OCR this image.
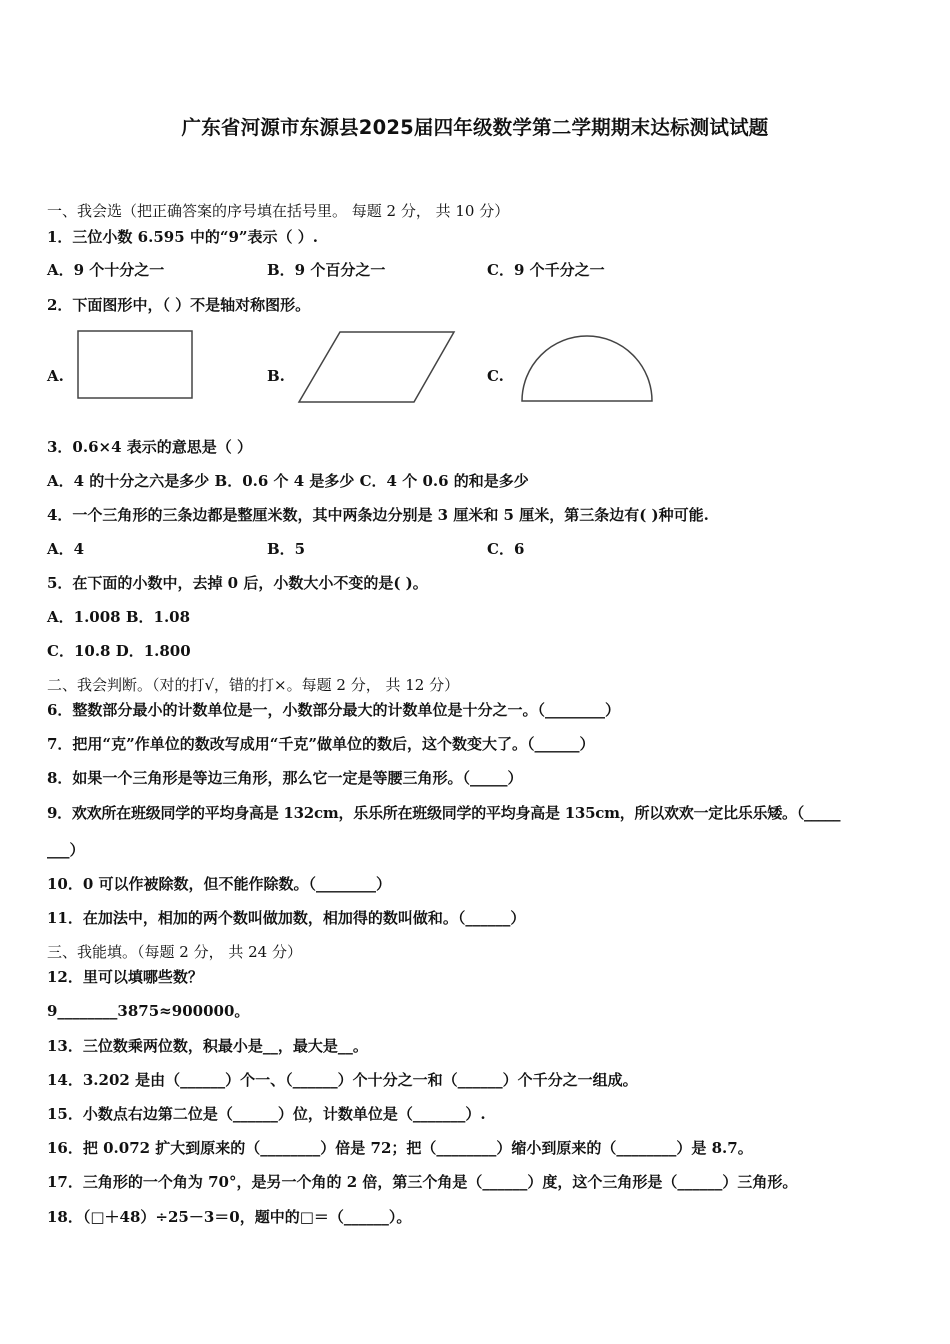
广东省河源市东源县2025届四年级数学第二学期期末达标测试试题
一、我会选（把正确答案的序号填在括号里。 每题 2 分， 共 10 分）
1．三位小数 6.595 中的“9”表示（ ）.
A．9 个十分之一	B．9 个百分之一	C．9 个千分之一
2．下面图形中，（ ）不是轴对称图形。
A.	B.	C.
3．0.6×4 表示的意思是（ ）
A．4 的十分之六是多少 B．0.6 个 4 是多少 C．4 个 0.6 的和是多少
4．一个三角形的三条边都是整厘米数，其中两条边分别是 3 厘米和 5 厘米，第三条边有( )种可能.
A．4	B．5	C．6
5．在下面的小数中，去掉 0 后，小数大小不变的是( )。
A．1.008 B．1.08
C．10.8 D．1.800
二、我会判断。（对的打√，错的打×。每题 2 分， 共 12 分）
6．整数部分最小的计数单位是一，小数部分最大的计数单位是十分之一。（________）
7．把用“克”作单位的数改写成用“千克”做单位的数后，这个数变大了。（______）
8．如果一个三角形是等边三角形，那么它一定是等腰三角形。（_____）
9．欢欢所在班级同学的平均身高是 132cm，乐乐所在班级同学的平均身高是 135cm，所以欢欢一定比乐乐矮。（_____
___）
10．0 可以作被除数，但不能作除数。（________）
11．在加法中，相加的两个数叫做加数，相加得的数叫做和。（______）
三、我能填。（每题 2 分， 共 24 分）
12．里可以填哪些数？
9________3875≈900000。
13．三位数乘两位数，积最小是__，最大是__。
14．3.202 是由（______）个一、（______）个十分之一和（______）个千分之一组成。
15．小数点右边第二位是（______）位，计数单位是（_______）.
16．把 0.072 扩大到原来的（________）倍是 72；把（________）缩小到原来的（________）是 8.7。
17．三角形的一个角为 70°，是另一个角的 2 倍，第三个角是（______）度，这个三角形是（______）三角形。
18．（□＋48）÷25－3＝0，题中的□＝（______）。
